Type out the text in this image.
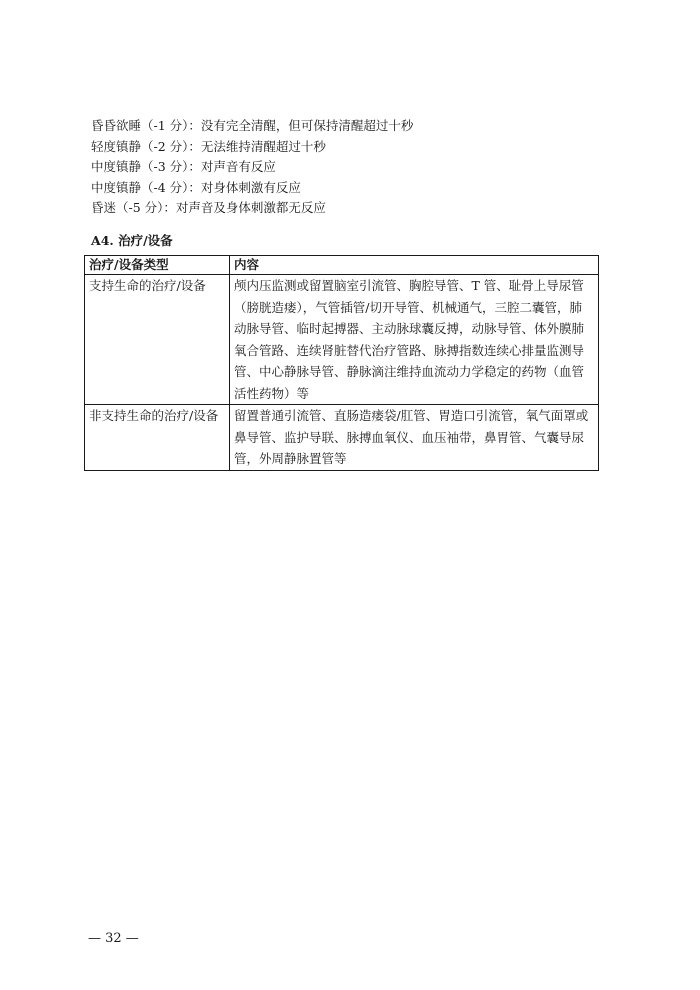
昏昏欲睡（-1 分）：没有完全清醒，但可保持清醒超过十秒
轻度镇静（-2 分）：无法维持清醒超过十秒
中度镇静（-3 分）：对声音有反应
中度镇静（-4 分）：对身体刺激有反应
昏迷（-5 分）：对声音及身体刺激都无反应
A4. 治疗/设备
治疗/设备类型	内容
支持生命的治疗/设备	颅内压监测或留置脑室引流管、胸腔导管、T 管、耻骨上导尿管（膀胱造瘘），气管插管/切开导管、机械通气，三腔二囊管，肺动脉导管、临时起搏器、主动脉球囊反搏，动脉导管、体外膜肺氧合管路、连续肾脏替代治疗管路、脉搏指数连续心排量监测导管、中心静脉导管、静脉滴注维持血流动力学稳定的药物（血管活性药物）等
非支持生命的治疗/设备	留置普通引流管、直肠造瘘袋/肛管、胃造口引流管，氧气面罩或鼻导管、监护导联、脉搏血氧仪、血压袖带，鼻胃管、气囊导尿管，外周静脉置管等
— 32 —
